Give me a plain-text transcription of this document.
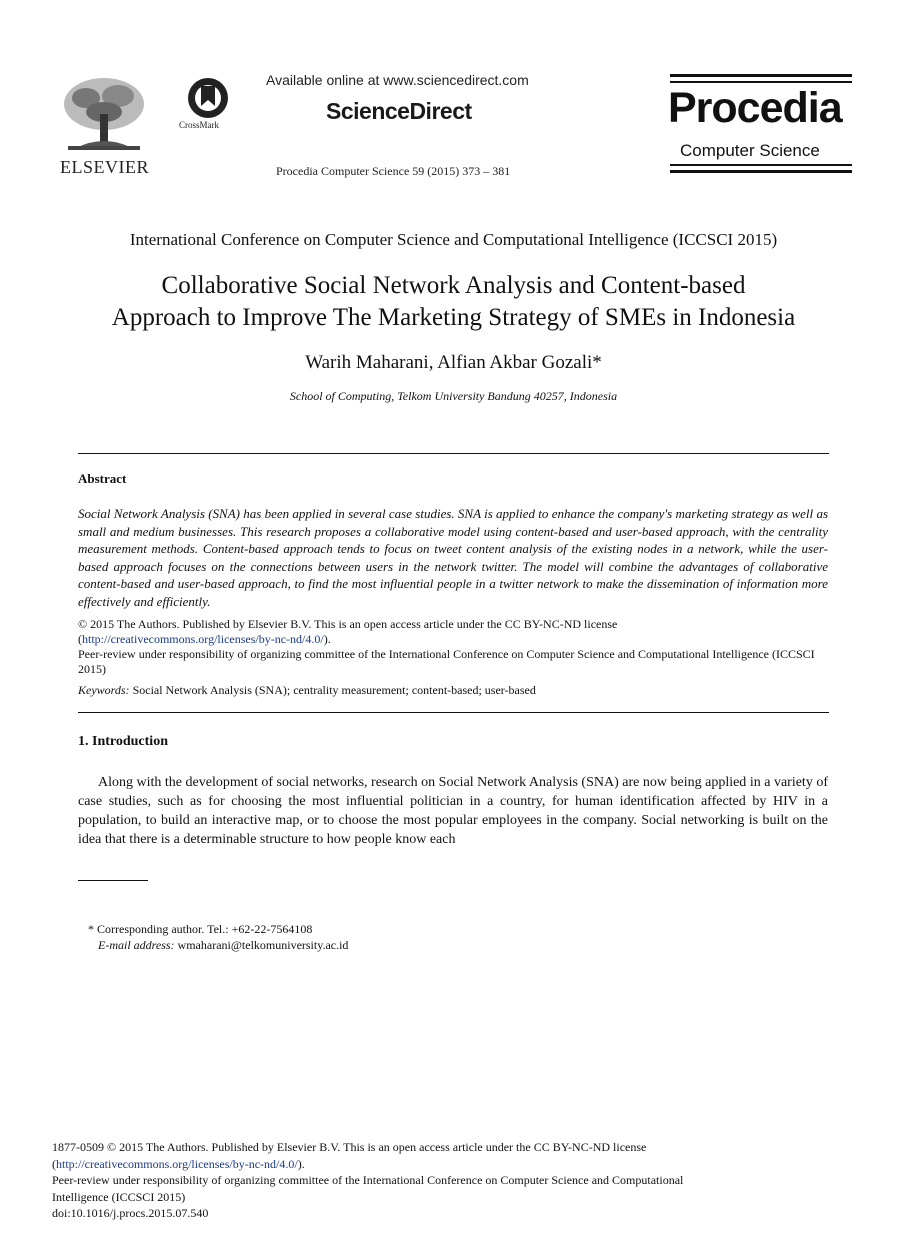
ELSEVIER
CrossMark
Available online at www.sciencedirect.com
ScienceDirect
Procedia Computer Science 59 (2015) 373 – 381
Procedia
Computer Science
International Conference on Computer Science and Computational Intelligence (ICCSCI 2015)
Collaborative Social Network Analysis and Content-based
Approach to Improve The Marketing Strategy of SMEs in Indonesia
Warih Maharani, Alfian Akbar Gozali*
School of Computing, Telkom University Bandung 40257, Indonesia
Abstract
Social Network Analysis (SNA) has been applied in several case studies. SNA is applied to enhance the company's marketing strategy as well as small and medium businesses. This research proposes a collaborative model using content-based and user-based approach, with the centrality measurement methods. Content-based approach tends to focus on tweet content analysis of the existing nodes in a network, while the user-based approach focuses on the connections between users in the network twitter. The model will combine the advantages of collaborative content-based and user-based approach, to find the most influential people in a twitter network to make the dissemination of information more effectively and efficiently.
© 2015 The Authors. Published by Elsevier B.V. This is an open access article under the CC BY-NC-ND license
(http://creativecommons.org/licenses/by-nc-nd/4.0/).
Peer-review under responsibility of organizing committee of the International Conference on Computer Science and Computational Intelligence (ICCSCI 2015)
Keywords: Social Network Analysis (SNA); centrality measurement; content-based; user-based
1. Introduction
Along with the development of social networks, research on Social Network Analysis (SNA) are now being applied in a variety of case studies, such as for choosing the most influential politician in a country, for human identification affected by HIV in a population, to build an interactive map, or to choose the most popular employees in the company. Social networking is built on the idea that there is a determinable structure to how people know each
* Corresponding author. Tel.: +62-22-7564108
E-mail address: wmaharani@telkomuniversity.ac.id
1877-0509 © 2015 The Authors. Published by Elsevier B.V. This is an open access article under the CC BY-NC-ND license
(http://creativecommons.org/licenses/by-nc-nd/4.0/).
Peer-review under responsibility of organizing committee of the International Conference on Computer Science and Computational Intelligence (ICCSCI 2015)
doi:10.1016/j.procs.2015.07.540
